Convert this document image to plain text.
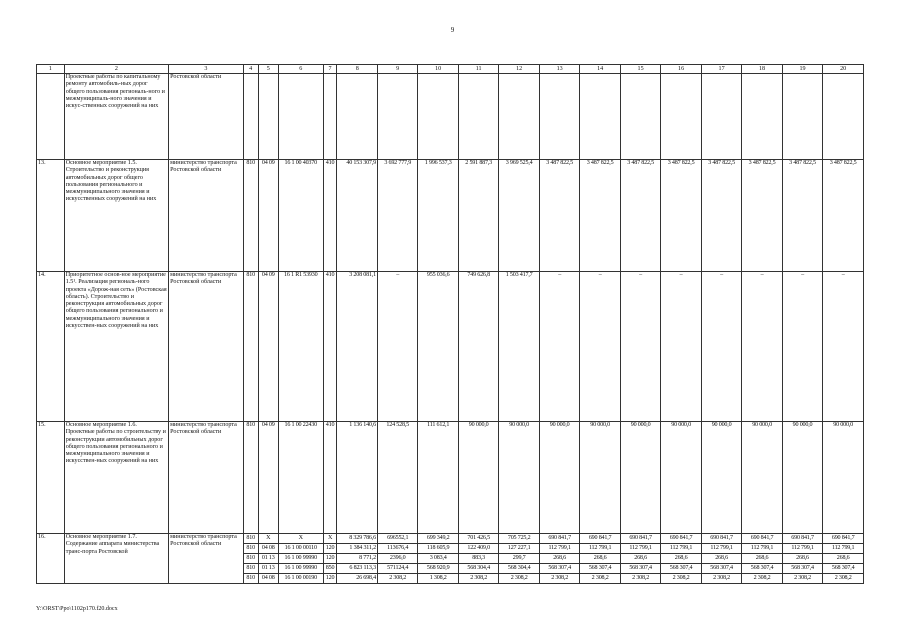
9
1	2	3	4	5	6	7	8	9	10	11	12	13	14	15	16	17	18	19	20
	Проектные работы по капитальному ремонту автомобиль-ных дорог общего пользования региональ-ного и межмуниципаль-ного значения и искус-ственных сооружений на них	Ростовской области																	
13.	Основное мероприятие 1.5. Строительство и реконструкция автомобильных дорог общего пользования регионального и межмуниципального значения и искусственных сооружений на них	министерство транспорта Ростовской области	810	04 09	16 1 00 40370	410	40 153 307,9	3 692 777,9	1 996 537,3	2 591 887,3	3 969 525,4	3 487 822,5	3 487 822,5	3 487 822,5	3 487 822,5	3 487 822,5	3 487 822,5	3 487 822,5	3 487 822,5
14.	Приоритетное основ-ное мероприятие 1.5¹. Реализация региональ-ного проекта «Дорож-ная сеть» (Ростовская область). Строительство и реконструкция автомобильных дорог общего пользования регионального и межмуниципального значения и искусствен-ных сооружений на них	министерство транспорта Ростовской области	810	04 09	16 1 R1 53930	410	3 208 081,1	–	955 036,6	749 626,8	1 503 417,7	–	–	–	–	–	–	–	–
15.	Основное мероприятие 1.6. Проектные работы по строительству и реконструкции автомобильных дорог общего пользования регионального и межмуниципального значения и искусствен-ных сооружений на них	министерство транспорта Ростовской области	810	04 09	16 1 00 22430	410	1 136 140,6	124 528,5	111 612,1	90 000,0	90 000,0	90 000,0	90 000,0	90 000,0	90 000,0	90 000,0	90 000,0	90 000,0	90 000,0
16.	Основное мероприятие 1.7. Содержание аппарата министерства транс-порта Ростовской	министерство транспорта Ростовской области	810	X	X	X	8 329 786,6	696552,1	699 349,2	701 426,5	705 725,2	690 841,7	690 841,7	690 841,7	690 841,7	690 841,7	690 841,7	690 841,7	690 841,7
			810	04 08	16 1 00 00110	120	1 384 311,2	113676,4	118 605,9	122 409,0	127 227,1	112 799,1	112 799,1	112 799,1	112 799,1	112 799,1	112 799,1	112 799,1	112 799,1
			810	01 13	16 1 00 99990	120	8 771,2	2396,0	3 083,4	883,3	299,7	268,6	268,6	268,6	268,6	268,6	268,6	268,6	268,6
			810	01 13	16 1 00 99990	850	6 823 113,3	571124,4	568 920,9	568 304,4	568 304,4	568 307,4	568 307,4	568 307,4	568 307,4	568 307,4	568 307,4	568 307,4	568 307,4
			810	04 08	16 1 00 00190	120	26 698,4	2 308,2	1 308,2	2 308,2	2 308,2	2 308,2	2 308,2	2 308,2	2 308,2	2 308,2	2 308,2	2 308,2	2 308,2
Y:\ORST\Ppo\1102p170.f20.docx
